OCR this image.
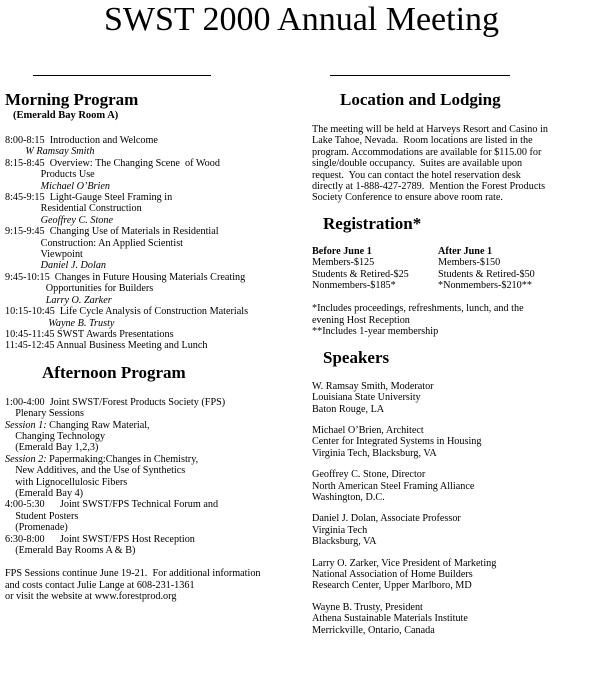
SWST 2000 Annual Meeting
Morning Program
(Emerald Bay Room A)
8:00-8:15  Introduction and Welcome
W Ramsay Smith
8:15-8:45  Overview: The Changing Scene  of Wood
Products Use
Michael O’Brien
8:45-9:15  Light-Gauge Steel Framing in
Residential Construction
Geoffrey C. Stone
9:15-9:45  Changing Use of Materials in Residential
Construction: An Applied Scientist
Viewpoint
Daniel J. Dolan
9:45-10:15  Changes in Future Housing Materials Creating
Opportunities for Builders
Larry O. Zarker
10:15-10:45  Life Cycle Analysis of Construction Materials
Wayne B. Trusty
10:45-11:45 SWST Awards Presentations
11:45-12:45 Annual Business Meeting and Lunch
Afternoon Program
1:00-4:00  Joint SWST/Forest Products Society (FPS)
Plenary Sessions
Session 1: Changing Raw Material,
Changing Technology
(Emerald Bay 1,2,3)
Session 2: Papermaking:Changes in Chemistry,
New Additives, and the Use of Synthetics
with Lignocellulosic Fibers
(Emerald Bay 4)
4:00-5:30      Joint SWST/FPS Technical Forum and
Student Posters
(Promenade)
6:30-8:00      Joint SWST/FPS Host Reception
(Emerald Bay Rooms A & B)
FPS Sessions continue June 19-21.  For additional information
and costs contact Julie Lange at 608-231-1361
or visit the website at www.forestprod.org
Location and Lodging
The meeting will be held at Harveys Resort and Casino in
Lake Tahoe, Nevada.  Room locations are listed in the
program. Accommodations are available for $115.00 for
single/double occupancy.  Suites are available upon
request.  You can contact the hotel reservation desk
directly at 1-888-427-2789.  Mention the Forest Products
Society Conference to ensure above room rate.
Registration*
Before June 1
Members-$125
Students & Retired-$25
Nonmembers-$185*
After June 1
Members-$150
Students & Retired-$50
*Nonmembers-$210**
*Includes proceedings, refreshments, lunch, and the
evening Host Reception
**Includes 1-year membership
Speakers
W. Ramsay Smith, Moderator
Louisiana State University
Baton Rouge, LA
Michael O’Brien, Architect
Center for Integrated Systems in Housing
Virginia Tech, Blacksburg, VA
Geoffrey C. Stone, Director
North American Steel Framing Alliance
Washington, D.C.
Daniel J. Dolan, Associate Professor
Virginia Tech
Blacksburg, VA
Larry O. Zarker, Vice President of Marketing
National Association of Home Builders
Research Center, Upper Marlboro, MD
Wayne B. Trusty, President
Athena Sustainable Materials Institute
Merrickville, Ontario, Canada
